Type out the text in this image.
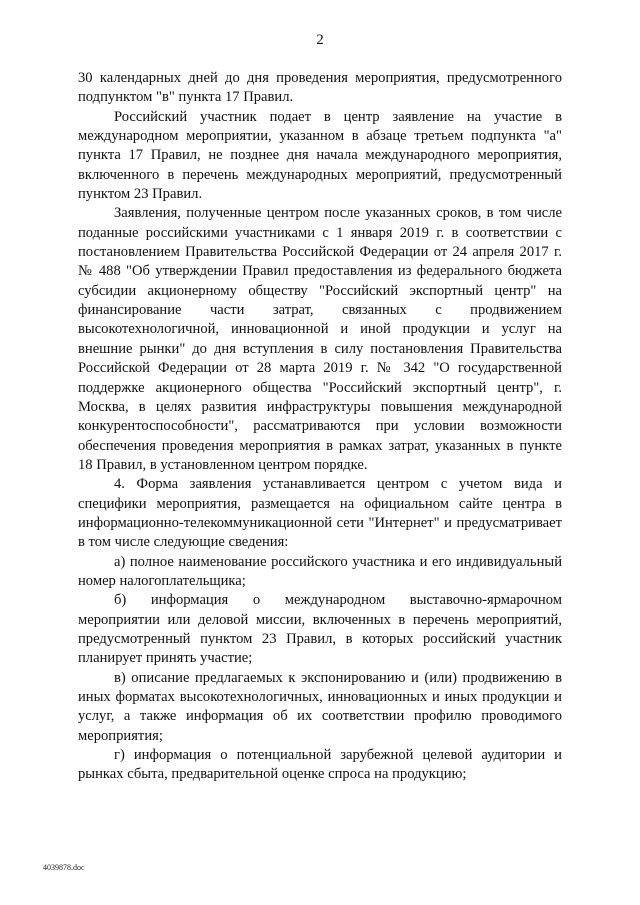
2

30 календарных дней до дня проведения мероприятия, предусмотренного подпунктом "в" пункта 17 Правил.

Российский участник подает в центр заявление на участие в международном мероприятии, указанном в абзаце третьем подпункта "а" пункта 17 Правил, не позднее дня начала международного мероприятия, включенного в перечень международных мероприятий, предусмотренный пунктом 23 Правил.

Заявления, полученные центром после указанных сроков, в том числе поданные российскими участниками с 1 января 2019 г. в соответствии с постановлением Правительства Российской Федерации от 24 апреля 2017 г. № 488 "Об утверждении Правил предоставления из федерального бюджета субсидии акционерному обществу "Российский экспортный центр" на финансирование части затрат, связанных с продвижением высокотехнологичной, инновационной и иной продукции и услуг на внешние рынки" до дня вступления в силу постановления Правительства Российской Федерации от 28 марта 2019 г. № 342 "О государственной поддержке акционерного общества "Российский экспортный центр", г. Москва, в целях развития инфраструктуры повышения международной конкурентоспособности", рассматриваются при условии возможности обеспечения проведения мероприятия в рамках затрат, указанных в пункте 18 Правил, в установленном центром порядке.

4. Форма заявления устанавливается центром с учетом вида и специфики мероприятия, размещается на официальном сайте центра в информационно-телекоммуникационной сети "Интернет" и предусматривает в том числе следующие сведения:

а) полное наименование российского участника и его индивидуальный номер налогоплательщика;

б) информация о международном выставочно-ярмарочном мероприятии или деловой миссии, включенных в перечень мероприятий, предусмотренный пунктом 23 Правил, в которых российский участник планирует принять участие;

в) описание предлагаемых к экспонированию и (или) продвижению в иных форматах высокотехнологичных, инновационных и иных продукции и услуг, а также информация об их соответствии профилю проводимого мероприятия;

г) информация о потенциальной зарубежной целевой аудитории и рынках сбыта, предварительной оценке спроса на продукцию;

4039878.doc
